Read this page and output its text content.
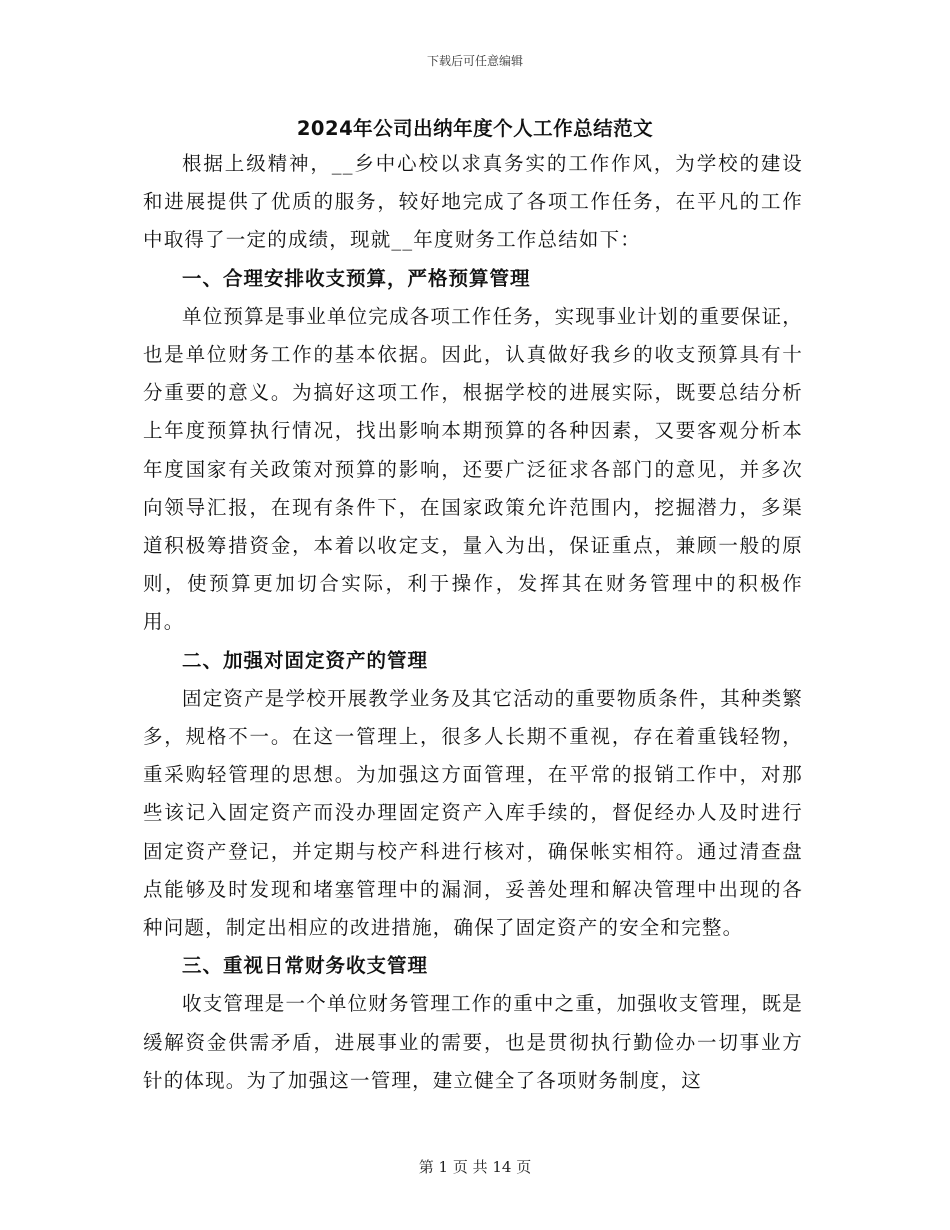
下载后可任意编辑
2024年公司出纳年度个人工作总结范文

根据上级精神，__乡中心校以求真务实的工作作风，为学校的建设和进展提供了优质的服务，较好地完成了各项工作任务，在平凡的工作中取得了一定的成绩，现就__年度财务工作总结如下：

一、合理安排收支预算，严格预算管理

单位预算是事业单位完成各项工作任务，实现事业计划的重要保证，也是单位财务工作的基本依据。因此，认真做好我乡的收支预算具有十分重要的意义。为搞好这项工作，根据学校的进展实际，既要总结分析上年度预算执行情况，找出影响本期预算的各种因素，又要客观分析本年度国家有关政策对预算的影响，还要广泛征求各部门的意见，并多次向领导汇报，在现有条件下，在国家政策允许范围内，挖掘潜力，多渠道积极筹措资金，本着以收定支，量入为出，保证重点，兼顾一般的原则，使预算更加切合实际，利于操作，发挥其在财务管理中的积极作用。

二、加强对固定资产的管理

固定资产是学校开展教学业务及其它活动的重要物质条件，其种类繁多，规格不一。在这一管理上，很多人长期不重视，存在着重钱轻物，重采购轻管理的思想。为加强这方面管理，在平常的报销工作中，对那些该记入固定资产而没办理固定资产入库手续的，督促经办人及时进行固定资产登记，并定期与校产科进行核对，确保帐实相符。通过清查盘点能够及时发现和堵塞管理中的漏洞，妥善处理和解决管理中出现的各种问题，制定出相应的改进措施，确保了固定资产的安全和完整。

三、重视日常财务收支管理

收支管理是一个单位财务管理工作的重中之重，加强收支管理，既是缓解资金供需矛盾，进展事业的需要，也是贯彻执行勤俭办一切事业方针的体现。为了加强这一管理，建立健全了各项财务制度，这

第 1 页 共 14 页
